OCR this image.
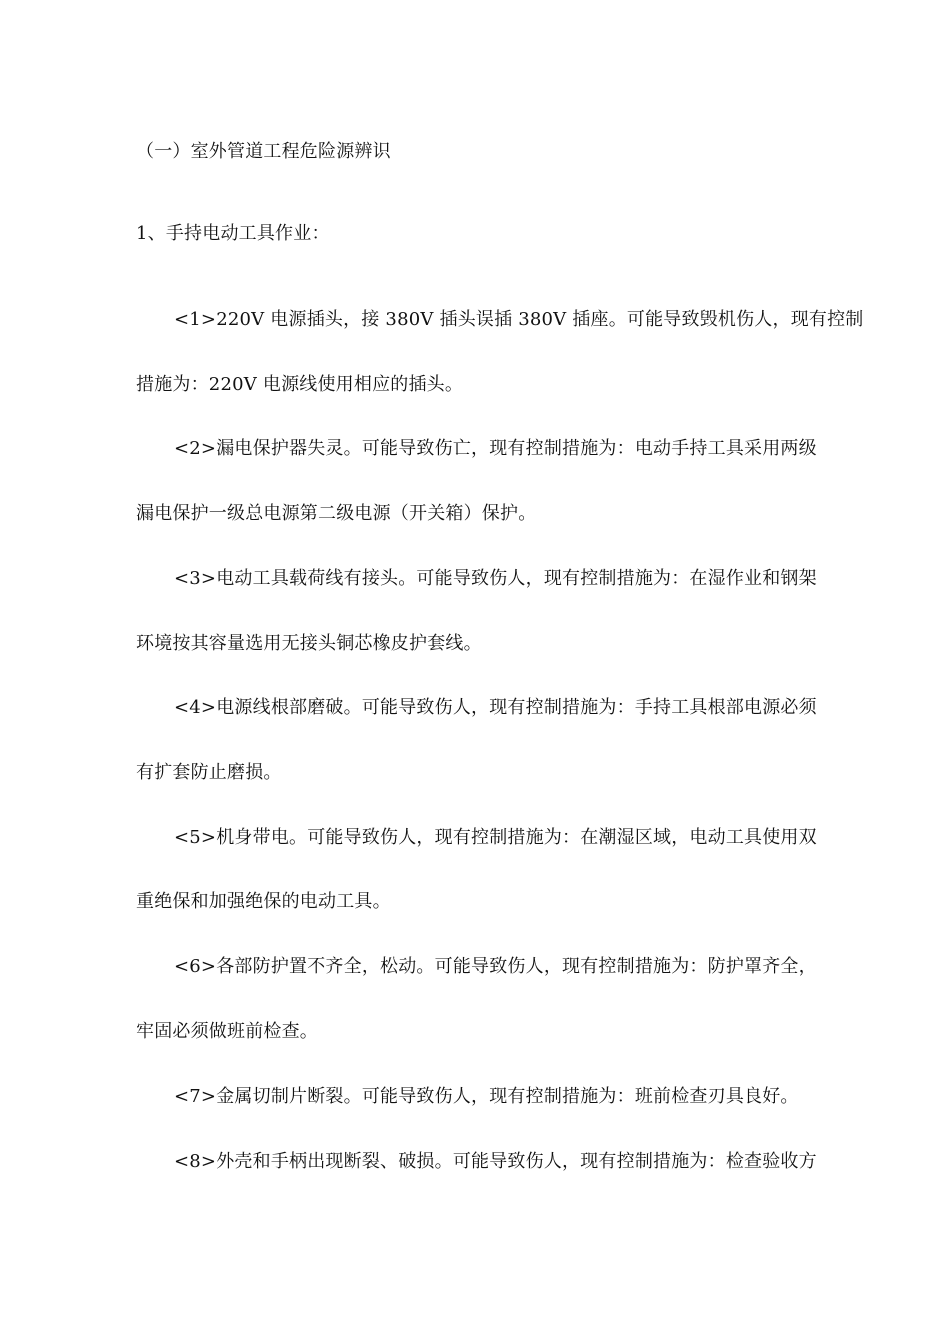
（一）室外管道工程危险源辨识
1、手持电动工具作业：
<1>220V 电源插头，接 380V 插头误插 380V 插座。可能导致毁机伤人，现有控制
措施为：220V 电源线使用相应的插头。
<2>漏电保护器失灵。可能导致伤亡，现有控制措施为：电动手持工具采用两级
漏电保护一级总电源第二级电源（开关箱）保护。
<3>电动工具载荷线有接头。可能导致伤人，现有控制措施为：在湿作业和钢架
环境按其容量选用无接头铜芯橡皮护套线。
<4>电源线根部磨破。可能导致伤人，现有控制措施为：手持工具根部电源必须
有扩套防止磨损。
<5>机身带电。可能导致伤人，现有控制措施为：在潮湿区域，电动工具使用双
重绝保和加强绝保的电动工具。
<6>各部防护置不齐全，松动。可能导致伤人，现有控制措施为：防护罩齐全，
牢固必须做班前检查。
<7>金属切制片断裂。可能导致伤人，现有控制措施为：班前检查刃具良好。
<8>外壳和手柄出现断裂、破损。可能导致伤人，现有控制措施为：检查验收方
